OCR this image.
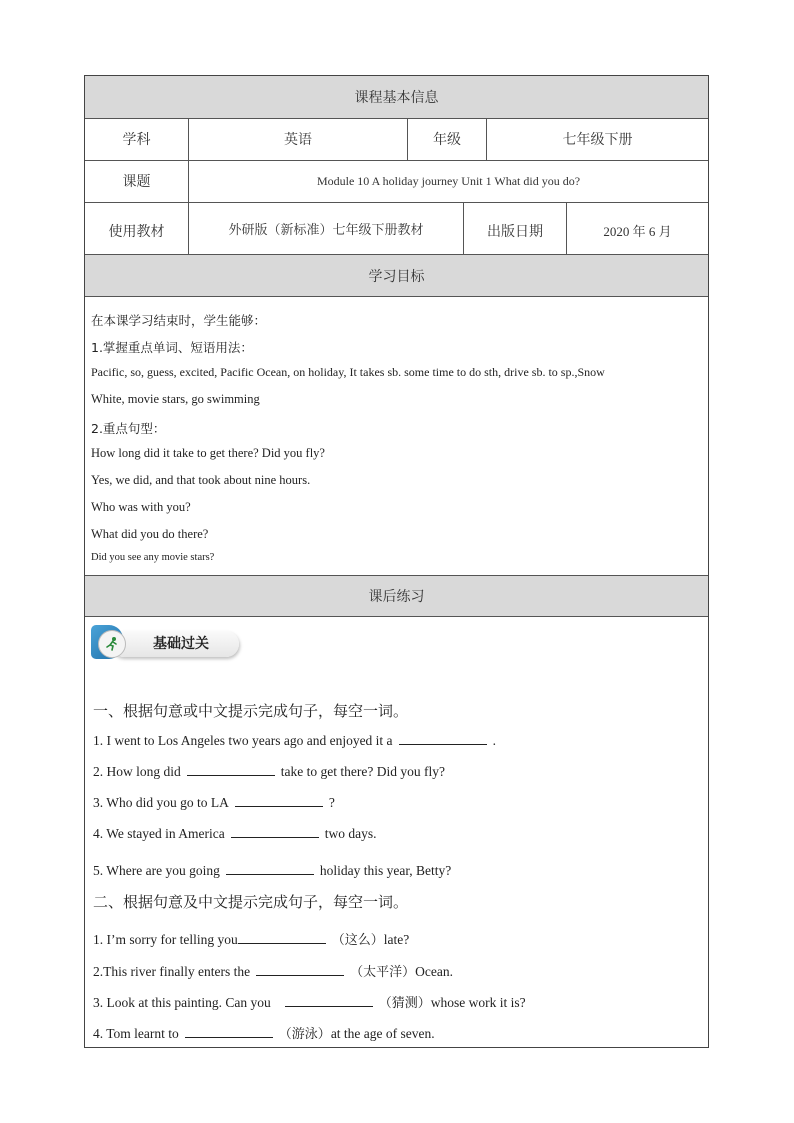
课程基本信息
学科	英语	年级	七年级下册
课题	Module 10 A holiday journey Unit 1 What did you do?
使用教材	外研版（新标准）七年级下册教材	出版日期	2020 年 6 月
学习目标
在本课学习结束时，学生能够：
1.掌握重点单词、短语用法：
Pacific, so, guess, excited, Pacific Ocean, on holiday, It takes sb. some time to do sth, drive sb. to sp.,Snow
White, movie stars, go swimming
2.重点句型：
How long did it take to get there? Did you fly?
Yes, we did, and that took about nine hours.
Who was with you?
What did you do there?
Did you see any movie stars?
课后练习
基础过关
一、根据句意或中文提示完成句子，每空一词。
1. I went to Los Angeles two years ago and enjoyed it a	.
2. How long did	take to get there? Did you fly?
3. Who did you go to LA	?
4. We stayed in America	two days.
5. Where are you going	holiday this year, Betty?
二、根据句意及中文提示完成句子，每空一词。
1. I’m sorry for telling you	（这么）late?
2.This river finally enters the	（太平洋）Ocean.
3. Look at this painting. Can you	（猜测）whose work it is?
4. Tom learnt to	（游泳）at the age of seven.
